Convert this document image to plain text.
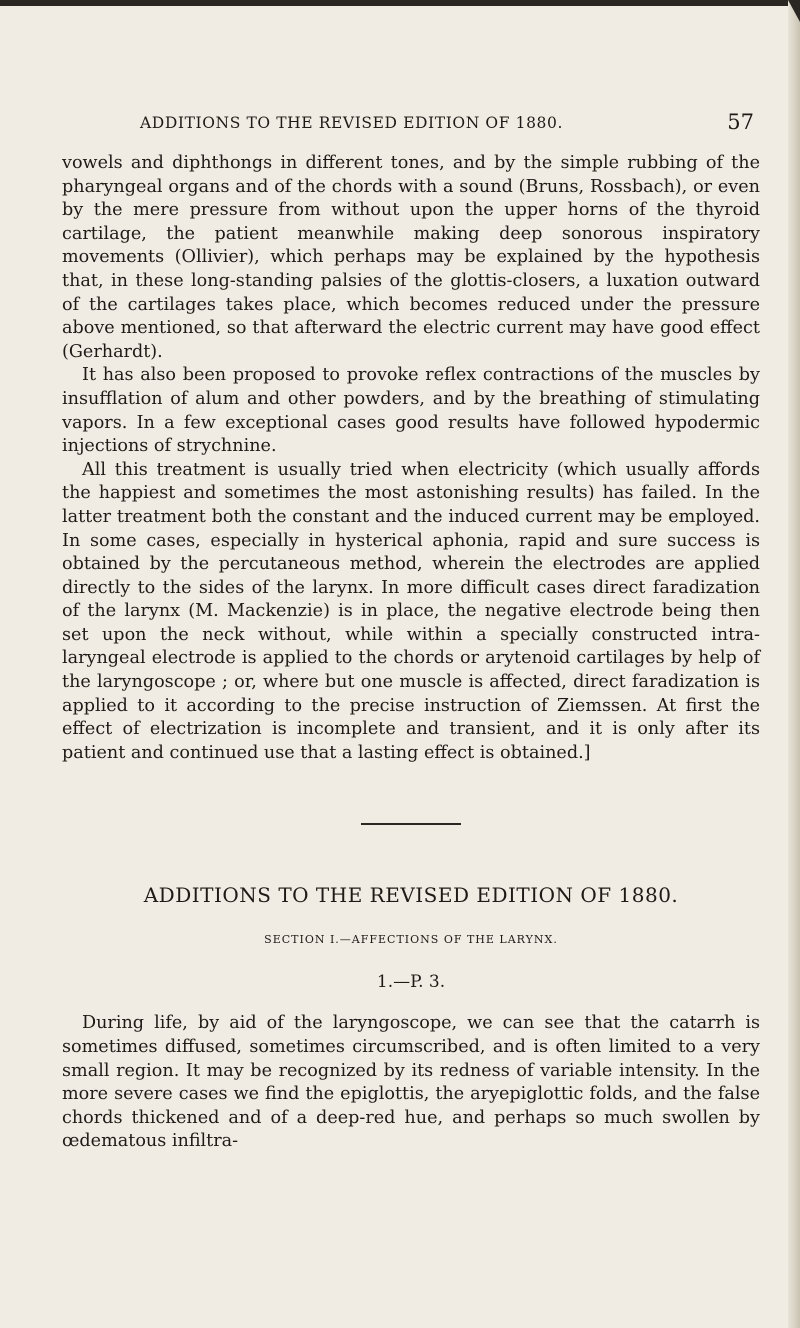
ADDITIONS TO THE REVISED EDITION OF 1880.	57

vowels and diphthongs in different tones, and by the simple rubbing of the pharyngeal organs and of the chords with a sound (Bruns, Rossbach), or even by the mere pressure from without upon the upper horns of the thyroid cartilage, the patient meanwhile making deep sonorous inspiratory movements (Ollivier), which perhaps may be explained by the hypothesis that, in these long-standing palsies of the glottis-closers, a luxation outward of the cartilages takes place, which becomes reduced under the pressure above mentioned, so that afterward the electric current may have good effect (Gerhardt).

It has also been proposed to provoke reflex contractions of the muscles by insufflation of alum and other powders, and by the breathing of stimulating vapors. In a few exceptional cases good results have followed hypodermic injections of strychnine.

All this treatment is usually tried when electricity (which usually affords the happiest and sometimes the most astonishing results) has failed. In the latter treatment both the constant and the induced current may be employed. In some cases, especially in hysterical aphonia, rapid and sure success is obtained by the percutaneous method, wherein the electrodes are applied directly to the sides of the larynx. In more difficult cases direct faradization of the larynx (M. Mackenzie) is in place, the negative electrode being then set upon the neck without, while within a specially constructed intra-laryngeal electrode is applied to the chords or arytenoid cartilages by help of the laryngoscope ; or, where but one muscle is affected, direct faradization is applied to it according to the precise instruction of Ziemssen. At first the effect of electrization is incomplete and transient, and it is only after its patient and continued use that a lasting effect is obtained.]

ADDITIONS TO THE REVISED EDITION OF 1880.
SECTION I.—AFFECTIONS OF THE LARYNX.
1.—P. 3.

During life, by aid of the laryngoscope, we can see that the catarrh is sometimes diffused, sometimes circumscribed, and is often limited to a very small region. It may be recognized by its redness of variable intensity. In the more severe cases we find the epiglottis, the aryepiglottic folds, and the false chords thickened and of a deep-red hue, and perhaps so much swollen by œdematous infiltra-
